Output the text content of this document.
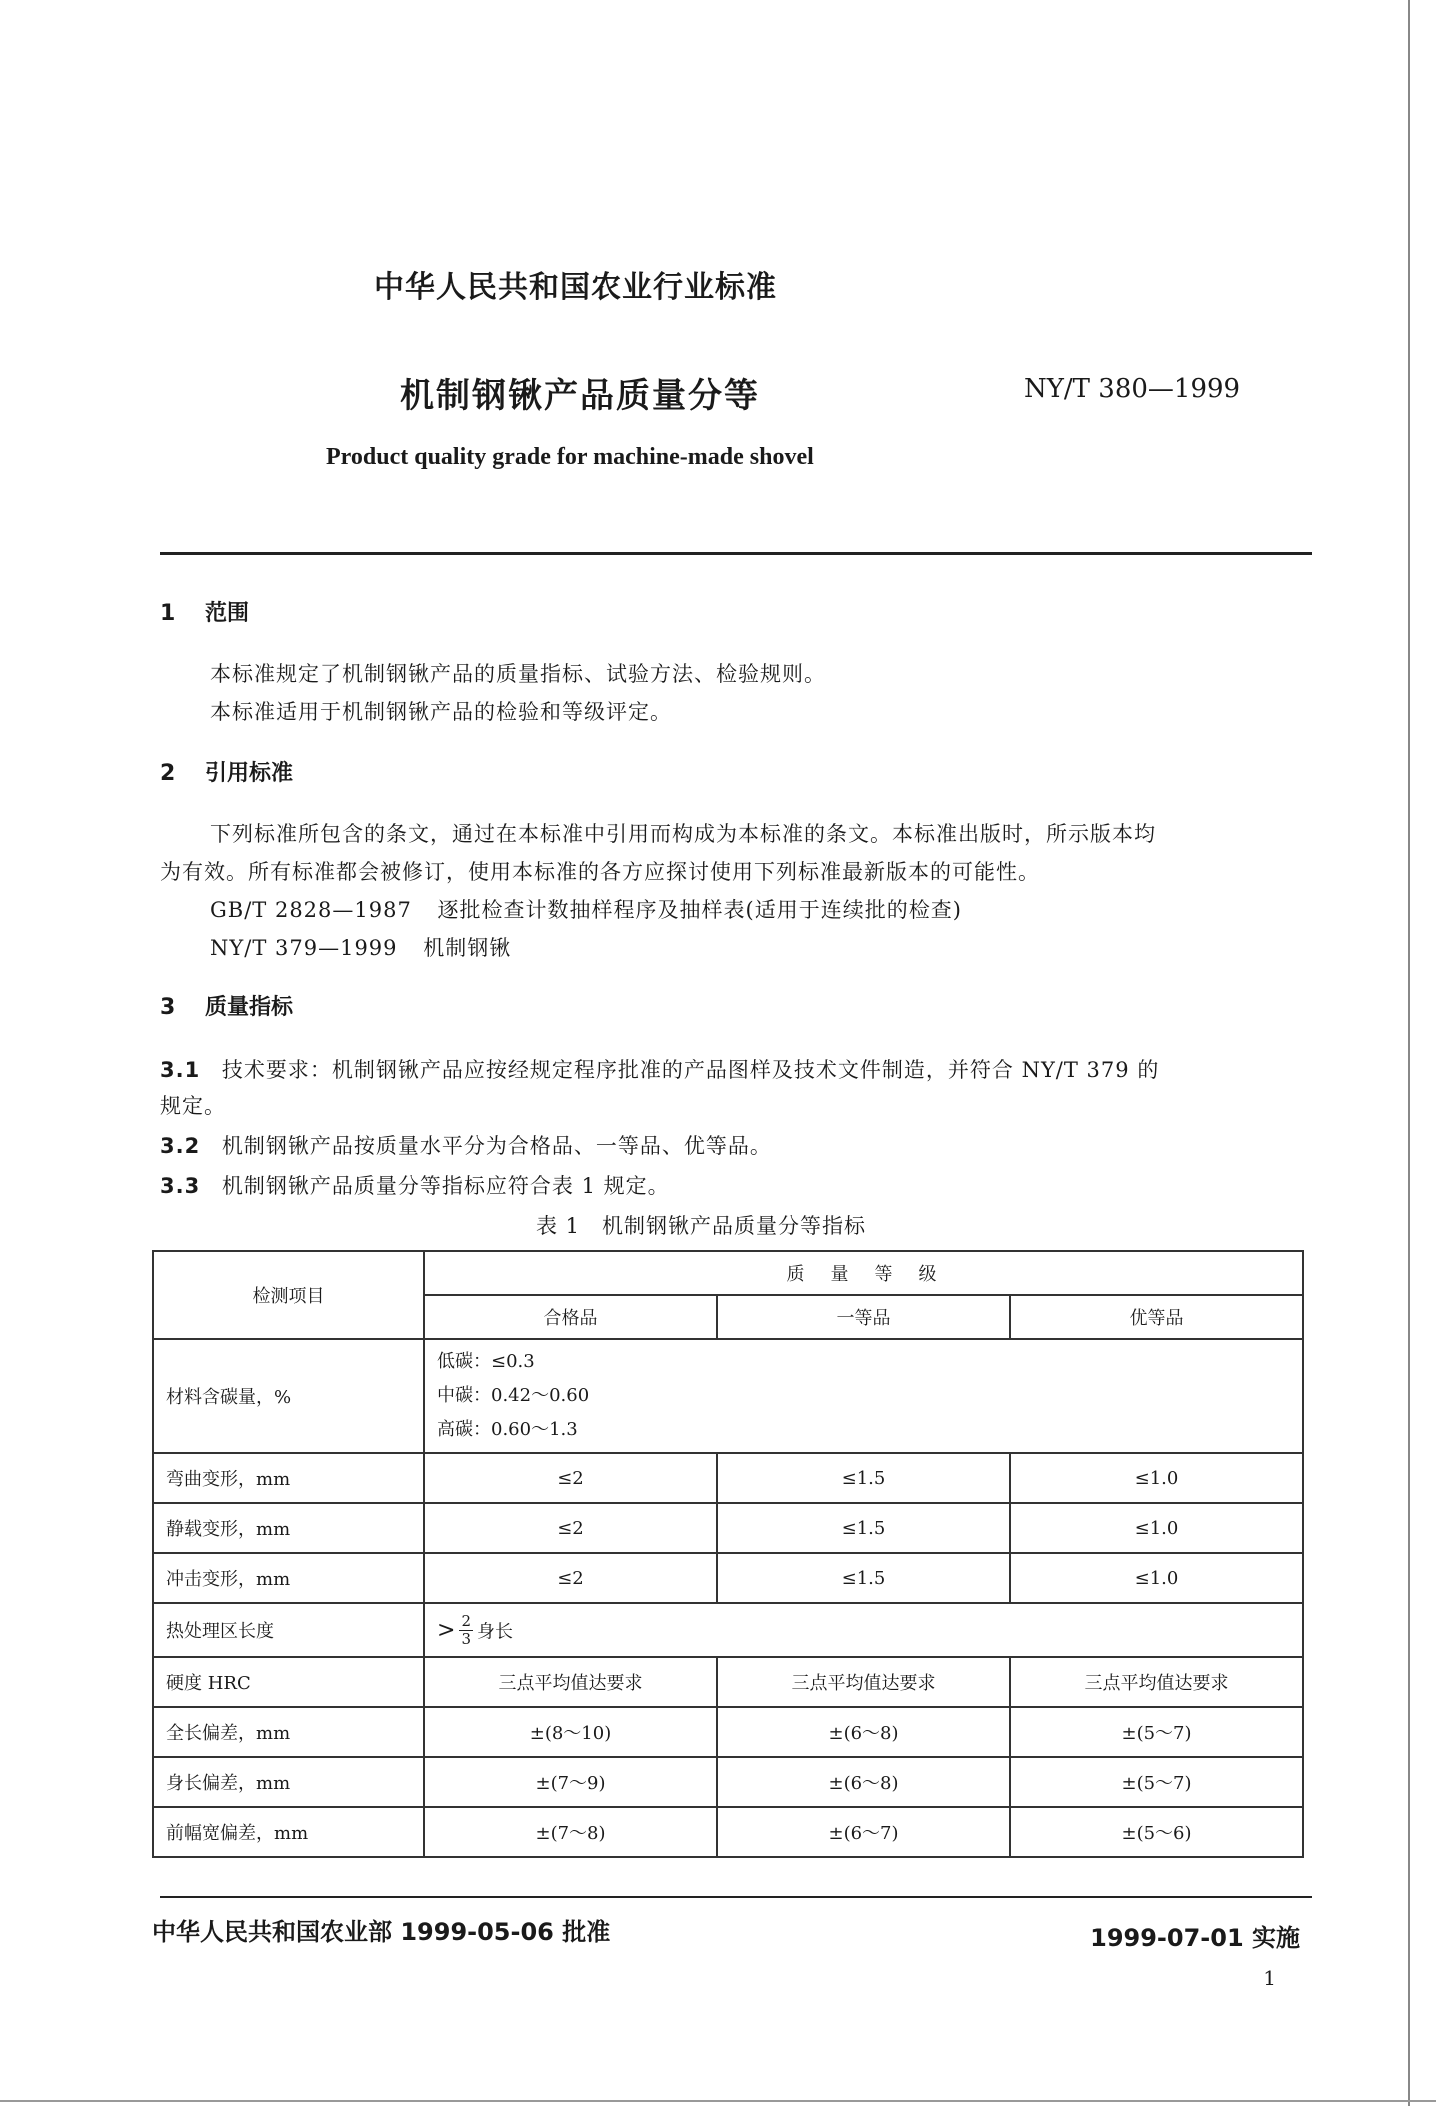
中华人民共和国农业行业标准
机制钢锹产品质量分等	NY/T 380—1999
Product quality grade for machine-made shovel
1 范围
本标准规定了机制钢锹产品的质量指标、试验方法、检验规则。
本标准适用于机制钢锹产品的检验和等级评定。
2 引用标准
下列标准所包含的条文，通过在本标准中引用而构成为本标准的条文。本标准出版时，所示版本均
为有效。所有标准都会被修订，使用本标准的各方应探讨使用下列标准最新版本的可能性。
GB/T 2828—1987 逐批检查计数抽样程序及抽样表(适用于连续批的检查)
NY/T 379—1999 机制钢锹
3 质量指标
3.1 技术要求：机制钢锹产品应按经规定程序批准的产品图样及技术文件制造，并符合 NY/T 379 的
规定。
3.2 机制钢锹产品按质量水平分为合格品、一等品、优等品。
3.3 机制钢锹产品质量分等指标应符合表 1 规定。
表 1　机制钢锹产品质量分等指标
检测项目	质　量　等　级		
	合格品	一等品	优等品
材料含碳量，%	低碳：≤0.3
中碳：0.42～0.60
高碳：0.60～1.3		

弯曲变形，mm	≤2	≤1.5	≤1.0
静载变形，mm	≤2	≤1.5	≤1.0
冲击变形，mm	≤2	≤1.5	≤1.0
热处理区长度	> $\frac{2}{3}$ 身长		
硬度 HRC	三点平均值达要求	三点平均值达要求	三点平均值达要求
全长偏差，mm	±(8～10)	±(6～8)	±(5～7)
身长偏差，mm	±(7～9)	±(6～8)	±(5～7)
前幅宽偏差，mm	±(7～8)	±(6～7)	±(5～6)
中华人民共和国农业部 1999-05-06 批准	1999-07-01 实施
1
